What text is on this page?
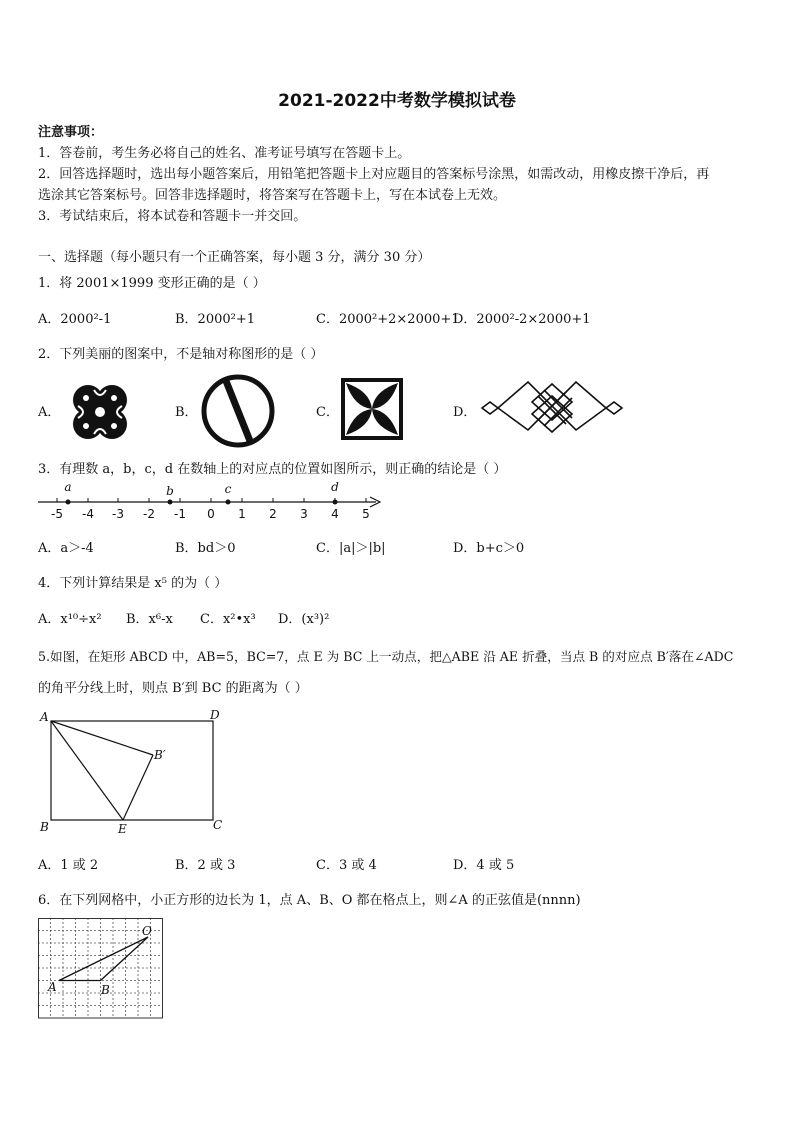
2021-2022中考数学模拟试卷
注意事项：
1．答卷前，考生务必将自己的姓名、准考证号填写在答题卡上。
2．回答选择题时，选出每小题答案后，用铅笔把答题卡上对应题目的答案标号涂黑，如需改动，用橡皮擦干净后，再
选涂其它答案标号。回答非选择题时，将答案写在答题卡上，写在本试卷上无效。
3．考试结束后，将本试卷和答题卡一并交回。
一、选择题（每小题只有一个正确答案，每小题 3 分，满分 30 分）
1．将 2001×1999 变形正确的是（ ）
A．2000²-1	B．2000²+1	C．2000²+2×2000+1
D．2000²-2×2000+1
2．下列美丽的图案中，不是轴对称图形的是（ ）
A．	B．	C．	D．
3．有理数 a，b，c，d 在数轴上的对应点的位置如图所示，则正确的结论是（ ）
a	b	c	d
-5 -4 -3 -2 -1 0 1 2 3 4 5
A．a＞-4	B．bd＞0	C．|a|＞|b|	D．b+c＞0
4．下列计算结果是 x⁵ 的为（ ）
A．x¹⁰÷x² B．x⁶-x C．x²•x³ D．(x³)²
5.如图，在矩形 ABCD 中，AB=5，BC=7，点 E 为 BC 上一动点，把△ABE 沿 AE 折叠，当点 B 的对应点 B′落在∠ADC
的角平分线上时，则点 B′到 BC 的距离为（ ）
A	D
B′
B	E	C
A．1 或 2	B．2 或 3	C．3 或 4	D．4 或 5
6．在下列网格中，小正方形的边长为 1，点 A、B、O 都在格点上，则∠A 的正弦值是(nnnn)
O
A	B
